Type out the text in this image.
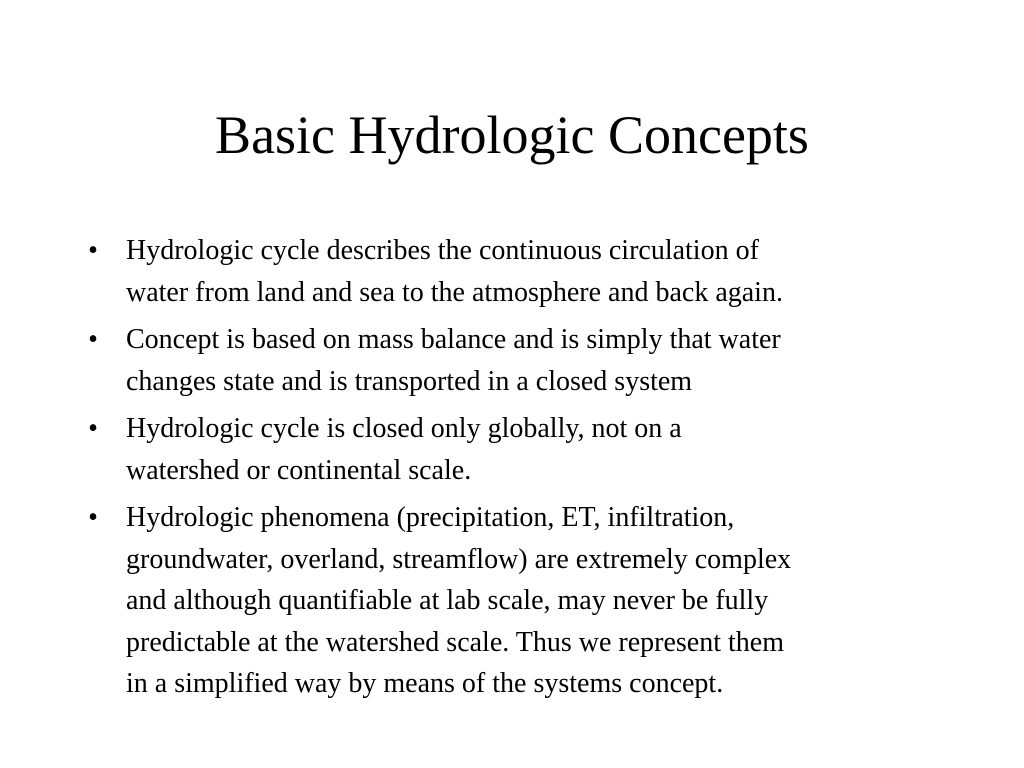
Basic Hydrologic Concepts
• Hydrologic cycle describes the continuous circulation of
water from land and sea to the atmosphere and back again.
• Concept is based on mass balance and is simply that water
changes state and is transported in a closed system
• Hydrologic cycle is closed only globally, not on a
watershed or continental scale.
• Hydrologic phenomena (precipitation, ET, infiltration,
groundwater, overland, streamflow) are extremely complex
and although quantifiable at lab scale, may never be fully
predictable at the watershed scale. Thus we represent them
in a simplified way by means of the systems concept.
